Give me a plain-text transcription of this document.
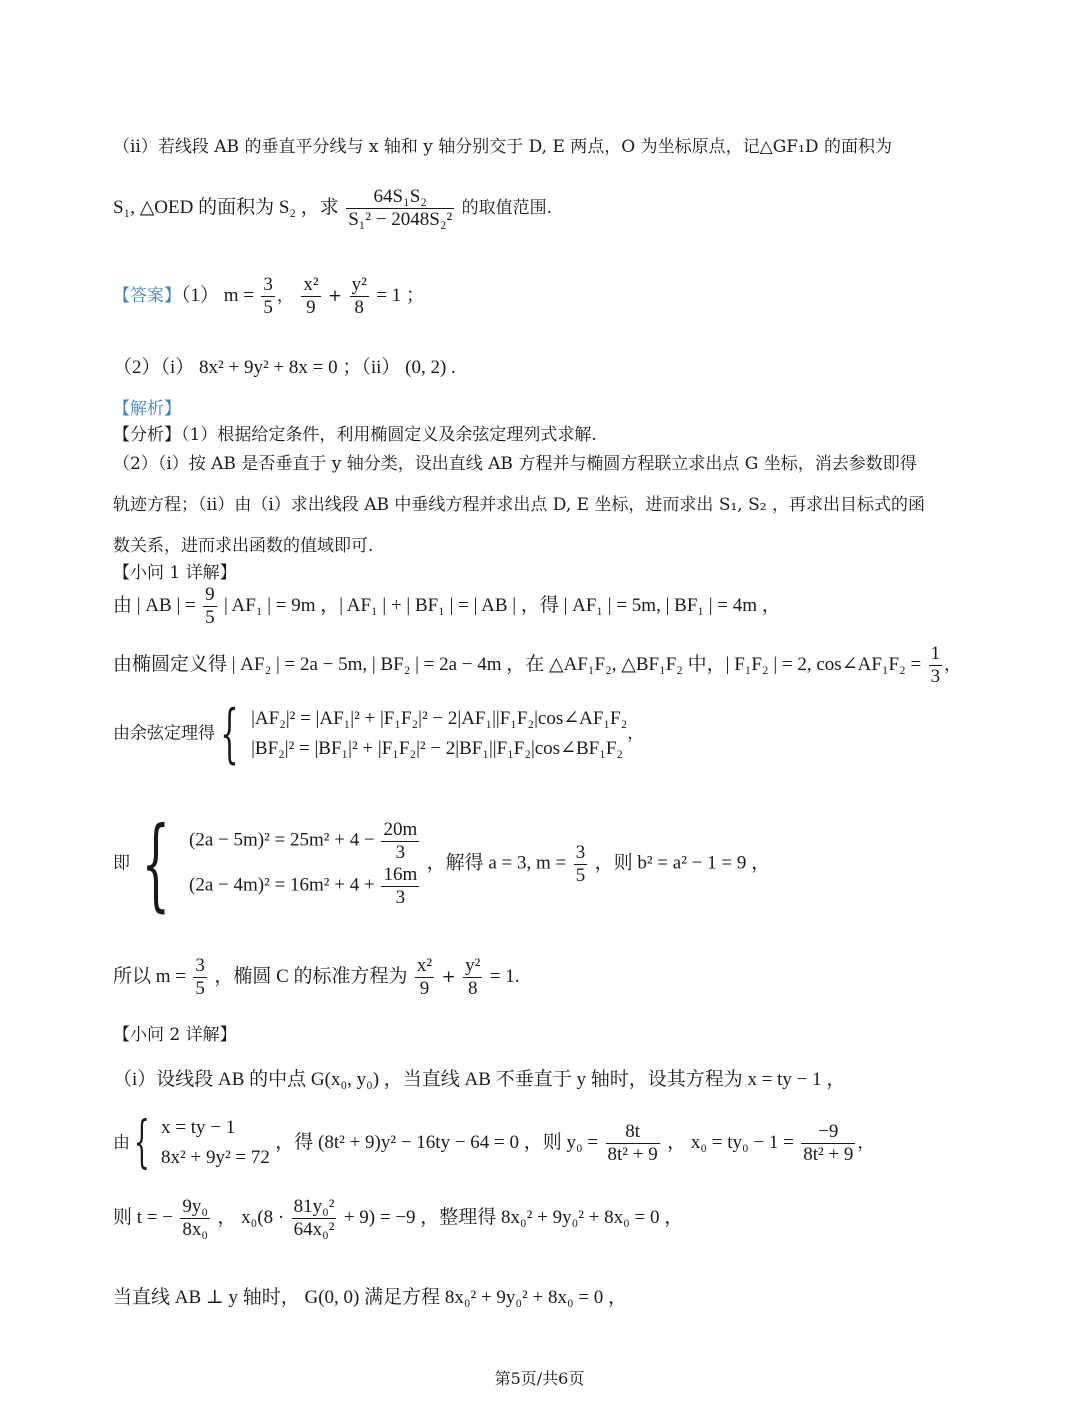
（ii）若线段 AB 的垂直平分线与 x 轴和 y 轴分别交于 D, E 两点，O 为坐标原点，记△GF₁D 的面积为
S₁, △OED 的面积为 S₂ ，求 $\frac{\text{64S₁S₂}}{\text{S₁² − 2048S₂²}}$ 的取值范围.
【答案】（1） $m = \frac{3}{5}$ ， $\frac{\text{x²}}{9} + \frac{\text{y²}}{8} = 1$ ；
（2）（i） 8x² + 9y² + 8x = 0 ；（ii） (0, 2) .
【解析】
【分析】（1）根据给定条件，利用椭圆定义及余弦定理列式求解.
（2）（i）按 AB 是否垂直于 y 轴分类，设出直线 AB 方程并与椭圆方程联立求出点 G 坐标，消去参数即得
轨迹方程；（ii）由（i）求出线段 AB 中垂线方程并求出点 D, E 坐标，进而求出 S₁, S₂ ，再求出目标式的函
数关系，进而求出函数的值域即可.
【小问 1 详解】
由 | AB | = $\frac{9}{5}$ | AF₁ | = 9m ，| AF₁ | + | BF₁ | = | AB | ，得 | AF₁ | = 5m, | BF₁ | = 4m ，
由椭圆定义得 | AF₂ | = 2a − 5m, | BF₂ | = 2a − 4m ，在 △AF₁F₂, △BF₁F₂ 中，| F₁F₂ | = 2, cos∠AF₁F₂ = $\frac{1}{3}$ ，
由余弦定理得{ |AF₂|² = |AF₁|² + |F₁F₂|² − 2|AF₁||F₁F₂|cos∠AF₁F₂
|BF₂|² = |BF₁|² + |F₁F₂|² − 2|BF₁||F₁F₂|cos∠BF₁F₂
，
即 { $(2a - 5m)^2 = 25m^2 + 4 - \frac{20m}{3}$
$(2a - 4m)^2 = 16m^2 + 4 + \frac{16m}{3}$
，解得 a = 3, $m = \frac{3}{5}$ ，则 b² = a² − 1 = 9 ，
所以 $m = \frac{3}{5}$ ，椭圆 C 的标准方程为 $\frac{\text{x²}}{9} + \frac{\text{y²}}{8} = 1$.
【小问 2 详解】
（i）设线段 AB 的中点 G(x₀, y₀) ，当直线 AB 不垂直于 y 轴时，设其方程为 x = ty − 1 ，
由{ x = ty − 1
8x² + 9y² = 72
，得 (8t² + 9)y² − 16ty − 64 = 0 ，则 $y_0 = \frac{8t}{\text{8t² + 9}}$ ， $x_0 = ty_0 - 1 = \frac{-9}{\text{8t² + 9}}$ ，
则 t = − $\frac{\text{9y₀}}{\text{8x₀}}$ ， $x_0(8 \cdot \frac{\text{81y₀²}}{\text{64x₀²}} + 9) = -9$ ，整理得 8x₀² + 9y₀² + 8x₀ = 0 ，
当直线 AB ⊥ y 轴时， G(0, 0) 满足方程 8x₀² + 9y₀² + 8x₀ = 0 ，
第5页/共6页
